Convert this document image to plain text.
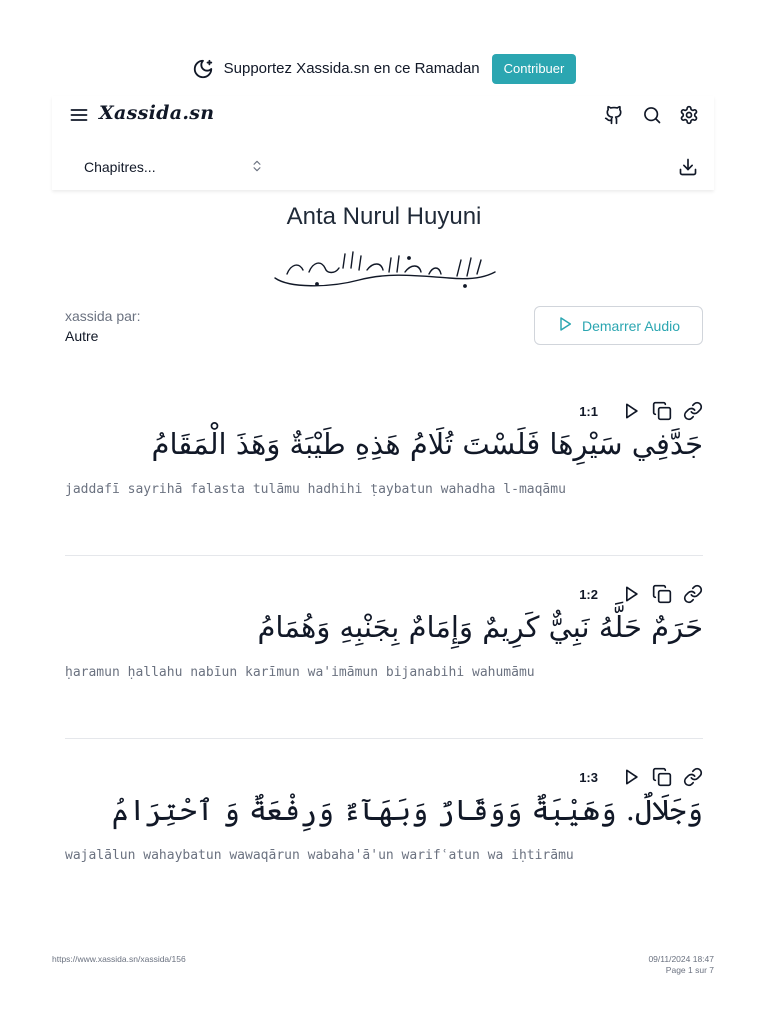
Supportez Xassida.sn en ce Ramadan	Contribuer
Xassida.sn
Chapitres...
Anta Nurul Huyuni
xassida par:
Autre
Demarrer Audio
1:1
جَدَّفِي سَيْرِهَا فَلَسْتَ تُلَامُ هَذِهِ طَيْبَةٌ وَهَذَ الْمَقَامُ
jaddafī sayrihā falasta tulāmu hadhihi ṭaybatun wahadha l-maqāmu
1:2
حَرَمٌ حَلَّهُ نَبِيٌّ كَرِيمٌ وَإِمَامٌ بِجَنْبِهِ وَهُمَامُ
ḥaramun ḥallahu nabīun karīmun wa'imāmun bijanabihi wahumāmu
1:3
وَجَلَالٌ. وَهَيْبَةٌ وَوَقَارٌ وَبَهَآءٌ وَرِفْعَةٌ وَ ٱحْتِرَامُ
wajalālun wahaybatun wawaqārun wabaha'ā'un warifʿatun wa iḥtirāmu
https://www.xassida.sn/xassida/156	09/11/2024 18:47
Page 1 sur 7
